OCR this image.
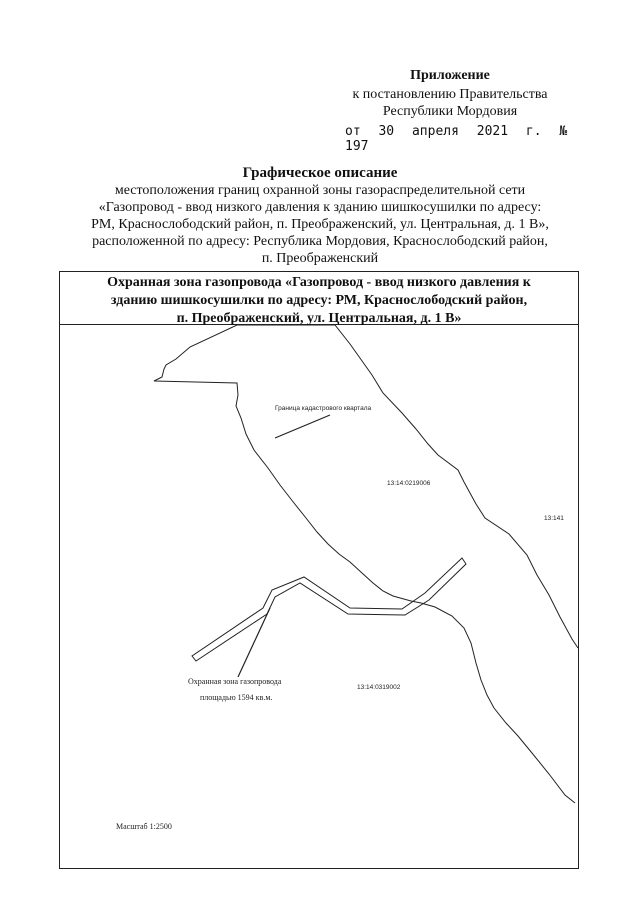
Приложение
к постановлению Правительства
Республики Мордовия
от 30 апреля 2021 г. № 197
Графическое описание
местоположения границ охранной зоны газораспределительной сети
«Газопровод - ввод низкого давления к зданию шишкосушилки по адресу:
РМ, Краснослободский район, п. Преображенский, ул. Центральная, д. 1 В»,
расположенной по адресу: Республика Мордовия, Краснослободский район,
п. Преображенский
Охранная зона газопровода «Газопровод - ввод низкого давления к
зданию шишкосушилки по адресу: РМ, Краснослободский район,
п. Преображенский, ул. Центральная, д. 1 В»
Граница кадастрового квартала
13:14:0219006
13:141
13:14:0319002
Охранная зона газопровода
площадью 1594 кв.м.
Масштаб 1:2500
